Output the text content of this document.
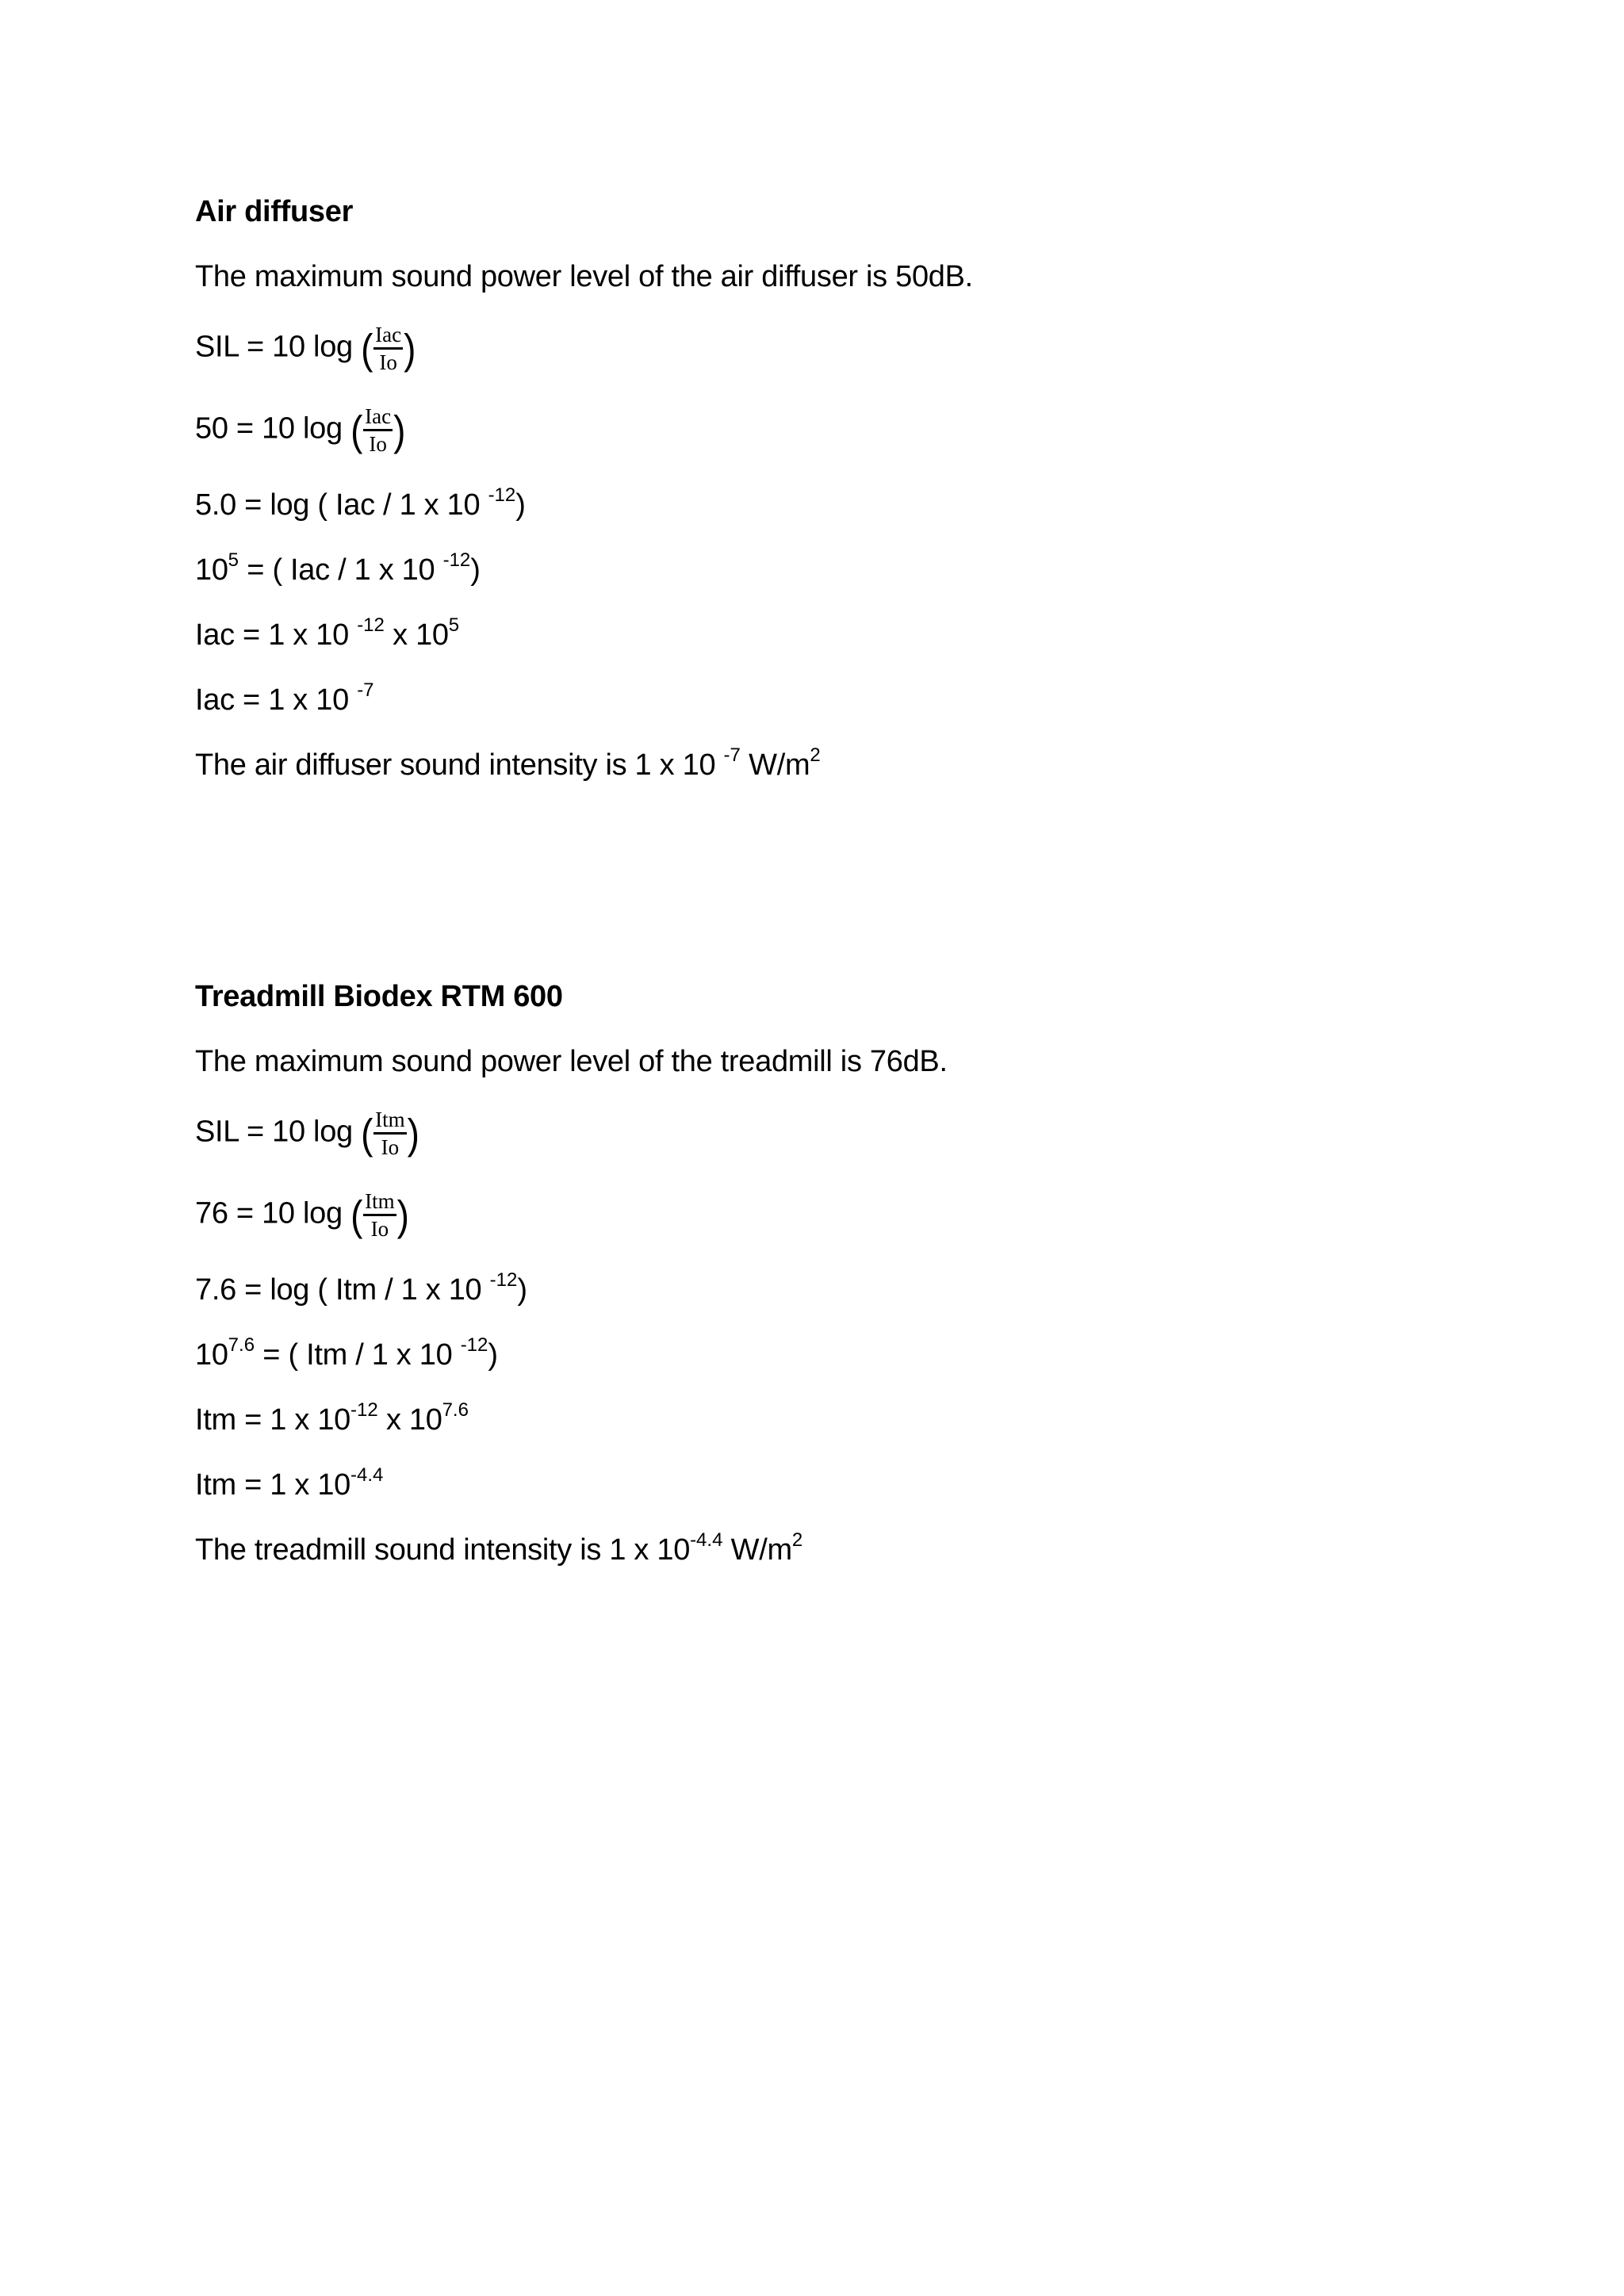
Air diffuser

The maximum sound power level of the air diffuser is 50dB.

SIL = 10 log ( $\frac{\text{Iac}}{Io}$ )

50 = 10 log ( $\frac{\text{Iac}}{Io}$ )

5.0 = log ( Iac / 1 x 10 $^{-12}$)

$10^5$ = ( Iac / 1 x 10 $^{-12}$)

Iac = 1 x 10 $^{-12}$ x $10^5$

Iac = 1 x 10 $^{-7}$

The air diffuser sound intensity is 1 x 10 $^{-7}$ $W/m^2$

Treadmill Biodex RTM 600

The maximum sound power level of the treadmill is 76dB.

SIL = 10 log ( $\frac{\text{Itm}}{Io}$ )

76 = 10 log ( $\frac{\text{Itm}}{Io}$ )

7.6 = log ( Itm / 1 x 10 $^{-12}$)

$10^{7.6}$ = ( Itm / 1 x 10 $^{-12}$)

Itm = 1 x $10^{-12}$ x $10^{7.6}$

Itm = 1 x $10^{-4.4}$

The treadmill sound intensity is 1 x $10^{-4.4}$ $W/m^2$
